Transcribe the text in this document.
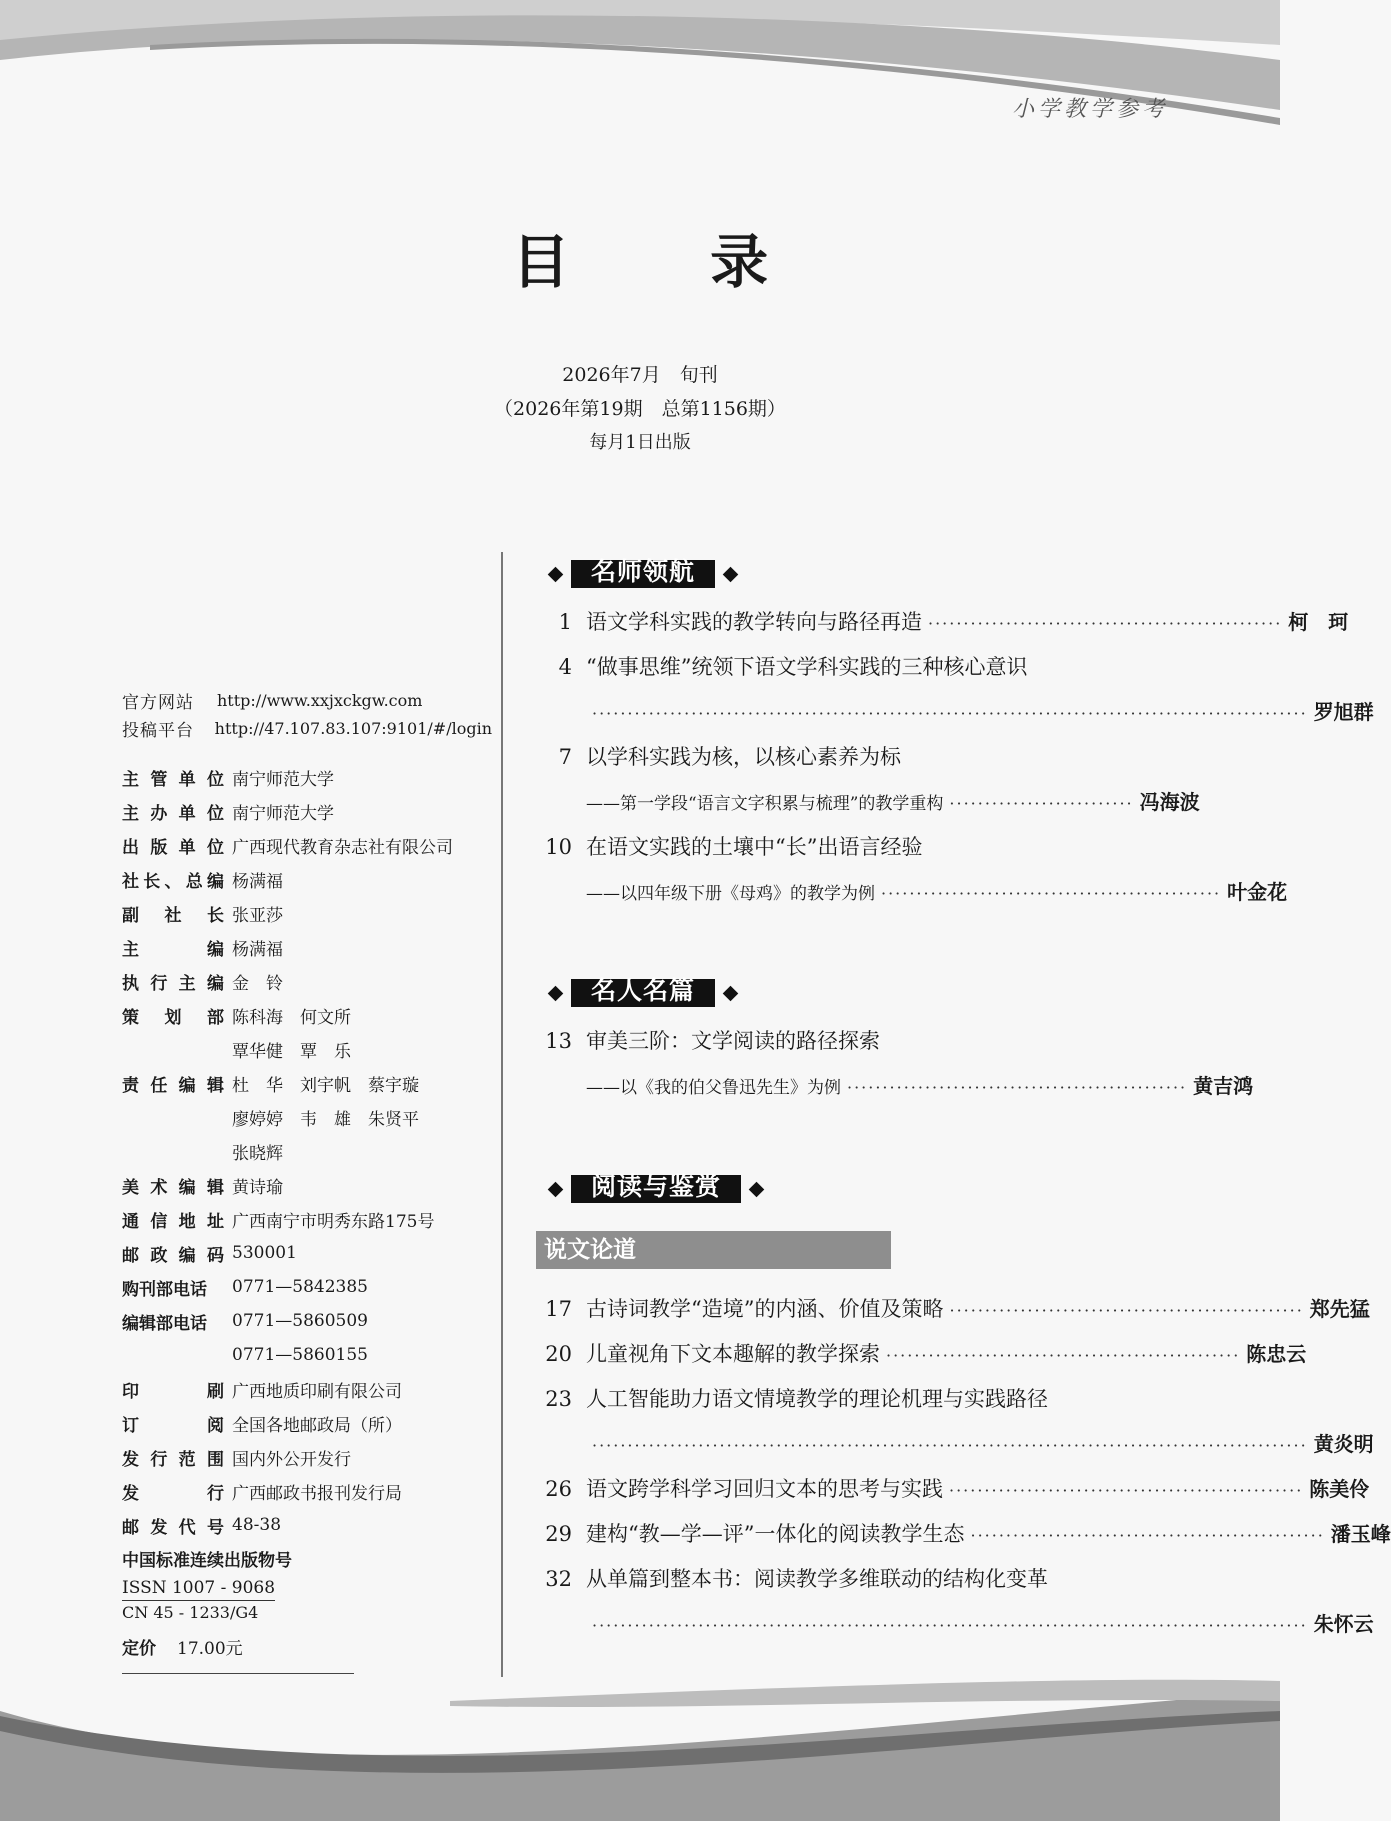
小学教学参考
目 录
2026年7月　旬刊
（2026年第19期　总第1156期）
每月1日出版
官方网站	http://www.xxjxckgw.com
投稿平台	http://47.107.83.107:9101/#/login
主管单位 南宁师范大学
主办单位 南宁师范大学
出版单位 广西现代教育杂志社有限公司
社长、总编 杨满福
副社长 张亚莎
主编 杨满福
执行主编 金　铃
策划部 陈科海　何文所
覃华健　覃　乐
责任编辑 杜　华　刘宇帆　蔡宇璇
廖婷婷　韦　雄　朱贤平
张晓辉
美术编辑 黄诗瑜
通信地址 广西南宁市明秀东路175号
邮政编码 530001
购刊部电话	0771—5842385
编辑部电话	0771—5860509
0771—5860155
印刷 广西地质印刷有限公司
订阅 全国各地邮政局（所）
发行范围 国内外公开发行
发行 广西邮政书报刊发行局
邮发代号 48-38
中国标准连续出版物号
ISSN 1007 - 9068
CN 45 - 1233/G4
定价	17.00元
名师领航
1 语文学科实践的教学转向与路径再造 ·················································· 柯　珂
4 “做事思维”统领下语文学科实践的三种核心意识
····································································································· 罗旭群
7 以学科实践为核，以核心素养为标
——第一学段“语言文字积累与梳理”的教学重构 ·························· 冯海波
10 在语文实践的土壤中“长”出语言经验
——以四年级下册《母鸡》的教学为例 ················································ 叶金花
名人名篇
13 审美三阶：文学阅读的路径探索
——以《我的伯父鲁迅先生》为例 ················································ 黄吉鸿
阅读与鉴赏
说文论道
17 古诗词教学“造境”的内涵、价值及策略 ·················································· 郑先猛
20 儿童视角下文本趣解的教学探索 ·················································· 陈忠云
23 人工智能助力语文情境教学的理论机理与实践路径
····································································································· 黄炎明
26 语文跨学科学习回归文本的思考与实践 ·················································· 陈美伶
29 建构“教—学—评”一体化的阅读教学生态 ·················································· 潘玉峰
32 从单篇到整本书：阅读教学多维联动的结构化变革
····································································································· 朱怀云
